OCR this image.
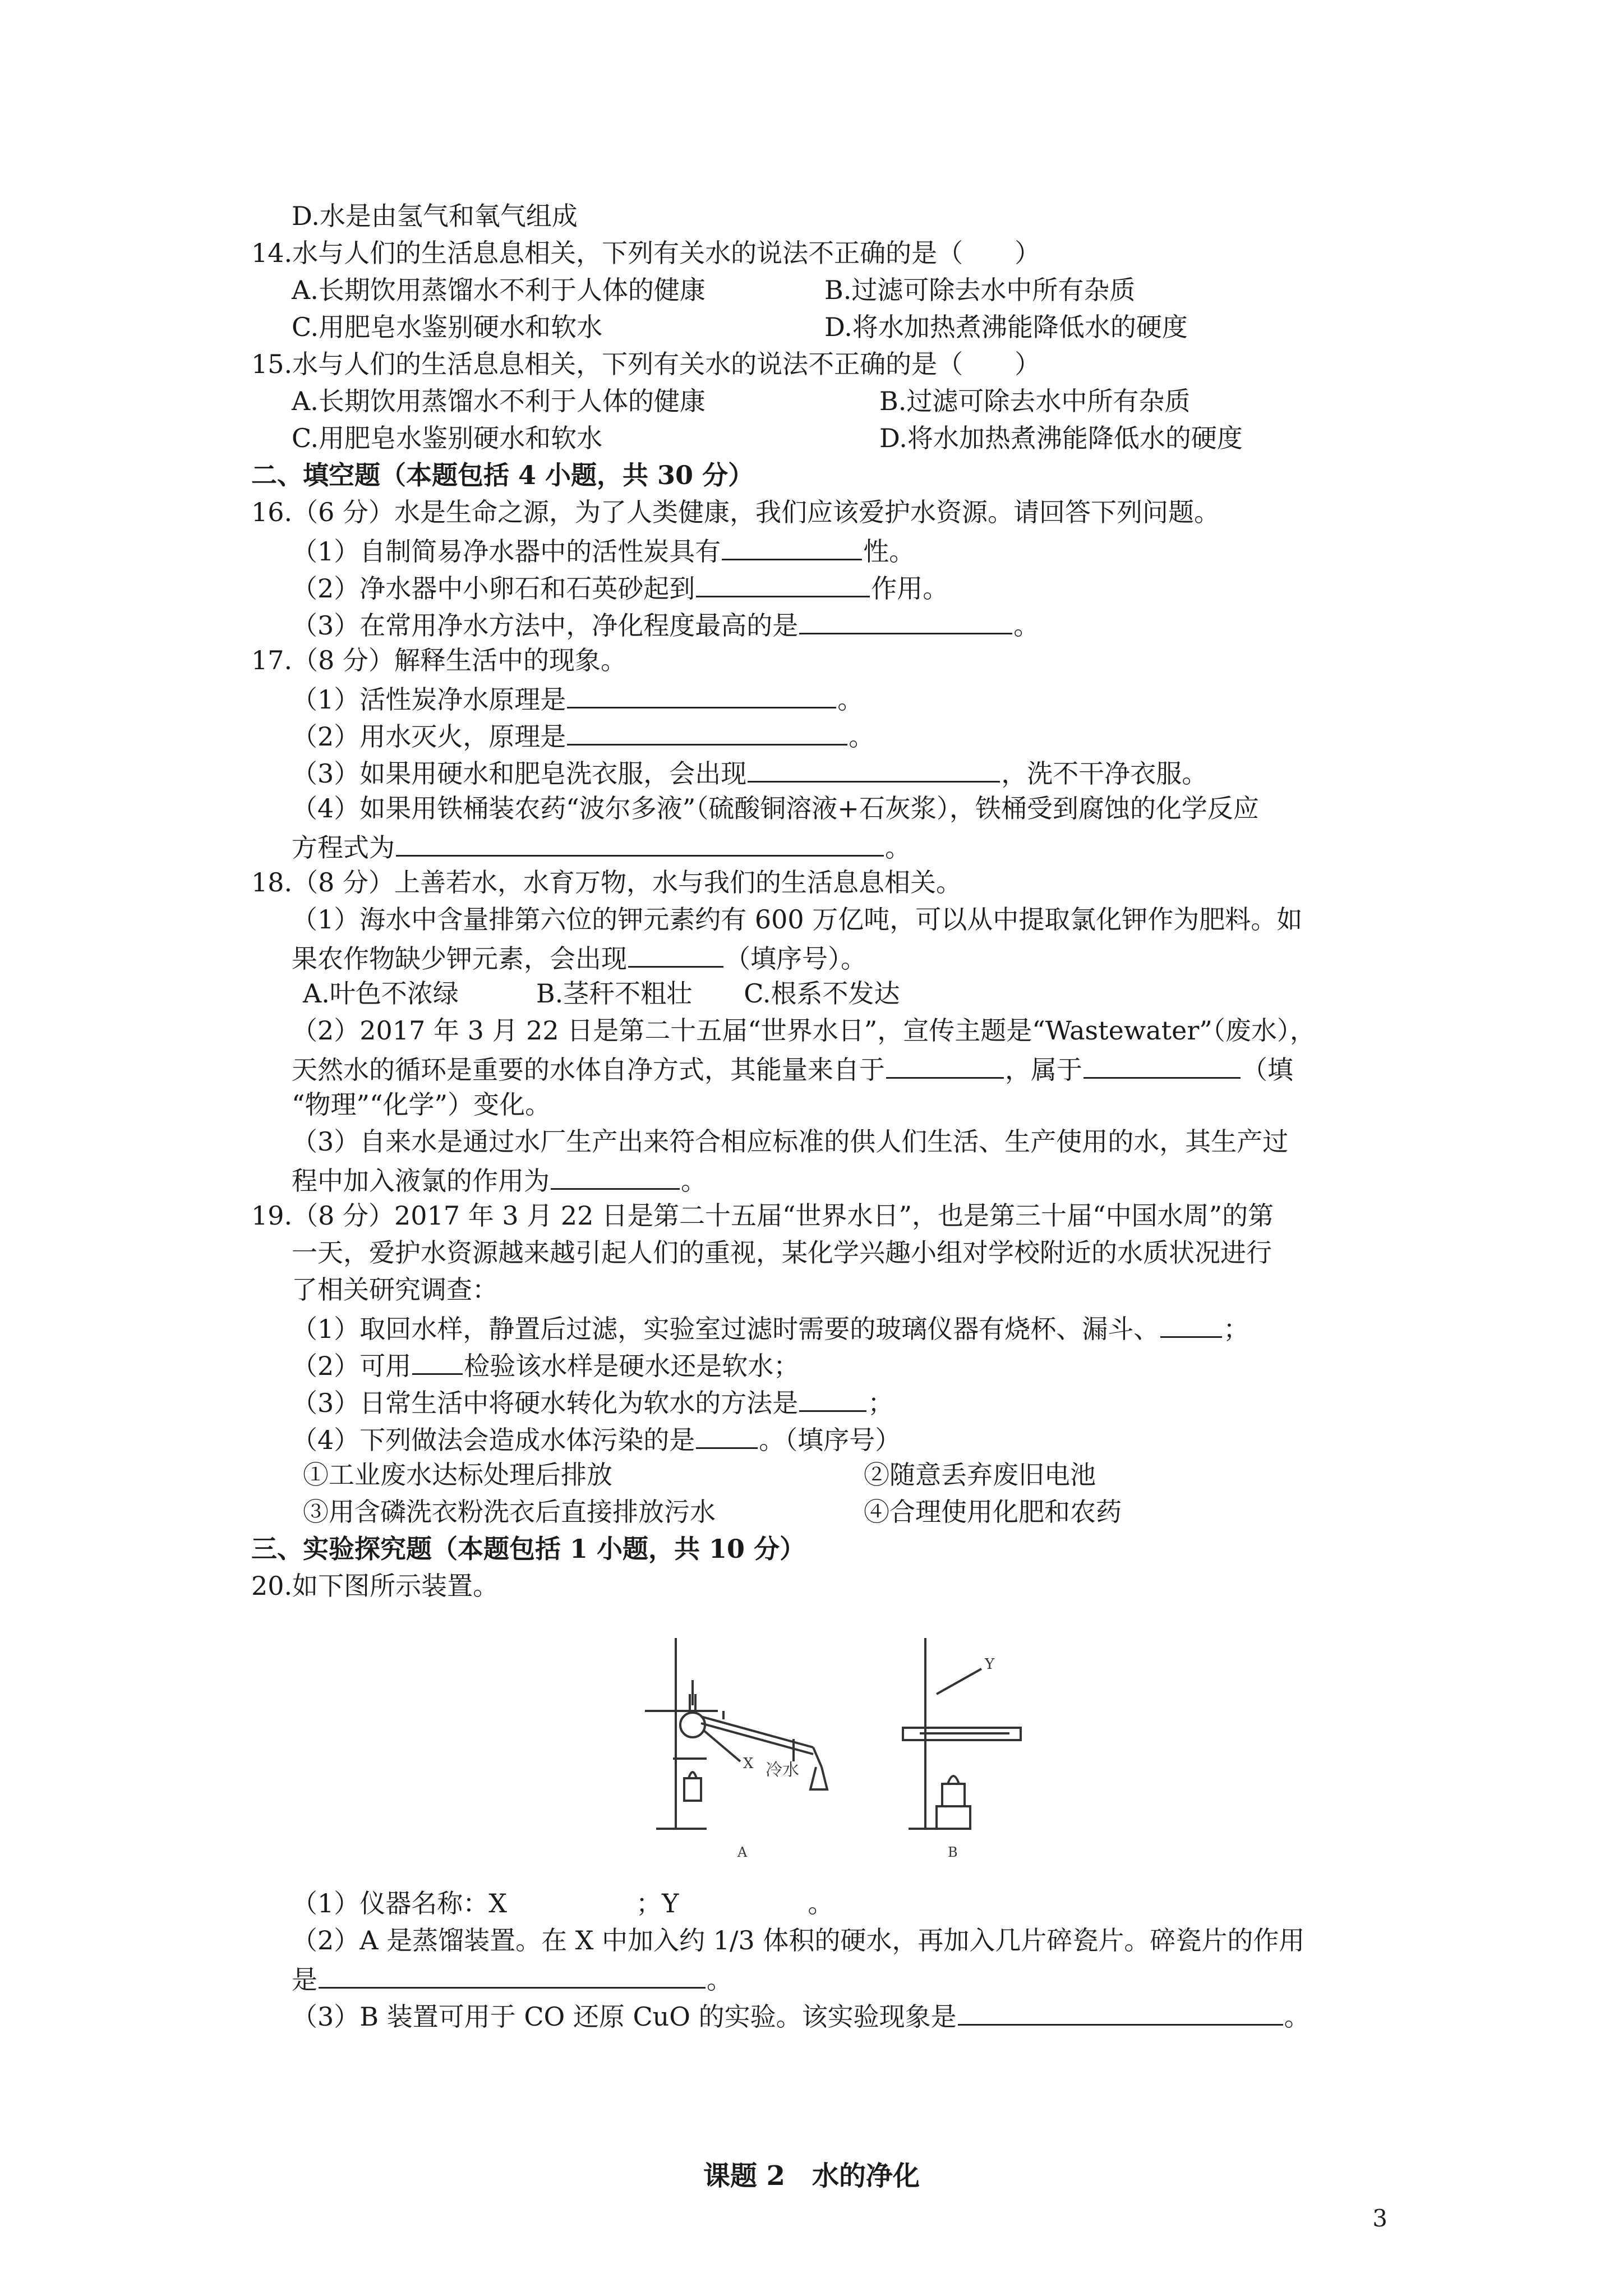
D.水是由氢气和氧气组成
14.水与人们的生活息息相关，下列有关水的说法不正确的是（　　）
A.长期饮用蒸馏水不利于人体的健康	B.过滤可除去水中所有杂质
C.用肥皂水鉴别硬水和软水	D.将水加热煮沸能降低水的硬度
15.水与人们的生活息息相关，下列有关水的说法不正确的是（　　）
A.长期饮用蒸馏水不利于人体的健康	B.过滤可除去水中所有杂质
C.用肥皂水鉴别硬水和软水	D.将水加热煮沸能降低水的硬度
二、填空题（本题包括 4 小题，共 30 分）
16.（6 分）水是生命之源，为了人类健康，我们应该爱护水资源。请回答下列问题。
（1）自制简易净水器中的活性炭具有	性。
（2）净水器中小卵石和石英砂起到	作用。
（3）在常用净水方法中，净化程度最高的是	。
17.（8 分）解释生活中的现象。
（1）活性炭净水原理是	。
（2）用水灭火，原理是	。
（3）如果用硬水和肥皂洗衣服，会出现	，洗不干净衣服。
（4）如果用铁桶装农药“波尔多液”（硫酸铜溶液+石灰浆），铁桶受到腐蚀的化学反应
方程式为	。
18.（8 分）上善若水，水育万物，水与我们的生活息息相关。
（1）海水中含量排第六位的钾元素约有 600 万亿吨，可以从中提取氯化钾作为肥料。如
果农作物缺少钾元素，会出现	（填序号）。
A.叶色不浓绿　　　B.茎秆不粗壮　　C.根系不发达
（2）2017 年 3 月 22 日是第二十五届“世界水日”，宣传主题是“Wastewater”（废水），
天然水的循环是重要的水体自净方式，其能量来自于	，属于	（填
“物理”“化学”）变化。
（3）自来水是通过水厂生产出来符合相应标准的供人们生活、生产使用的水，其生产过
程中加入液氯的作用为	。
19.（8 分）2017 年 3 月 22 日是第二十五届“世界水日”，也是第三十届“中国水周”的第
一天，爱护水资源越来越引起人们的重视，某化学兴趣小组对学校附近的水质状况进行
了相关研究调查：
（1）取回水样，静置后过滤，实验室过滤时需要的玻璃仪器有烧杯、漏斗、 ；
（2）可用 检验该水样是硬水还是软水；
（3）日常生活中将硬水转化为软水的方法是	；
（4）下列做法会造成水体污染的是 。（填序号）
①工业废水达标处理后排放	②随意丢弃废旧电池
③用含磷洗衣粉洗衣后直接排放污水	④合理使用化肥和农药
三、实验探究题（本题包括 1 小题，共 10 分）
20.如下图所示装置。
X
Y
冷水
A	B
（1）仪器名称：X　　　　　；Y　　　　　。
（2）A 是蒸馏装置。在 X 中加入约 1/3 体积的硬水，再加入几片碎瓷片。碎瓷片的作用
是	。
（3）B 装置可用于 CO 还原 CuO 的实验。该实验现象是	。
课题 2　水的净化
3
